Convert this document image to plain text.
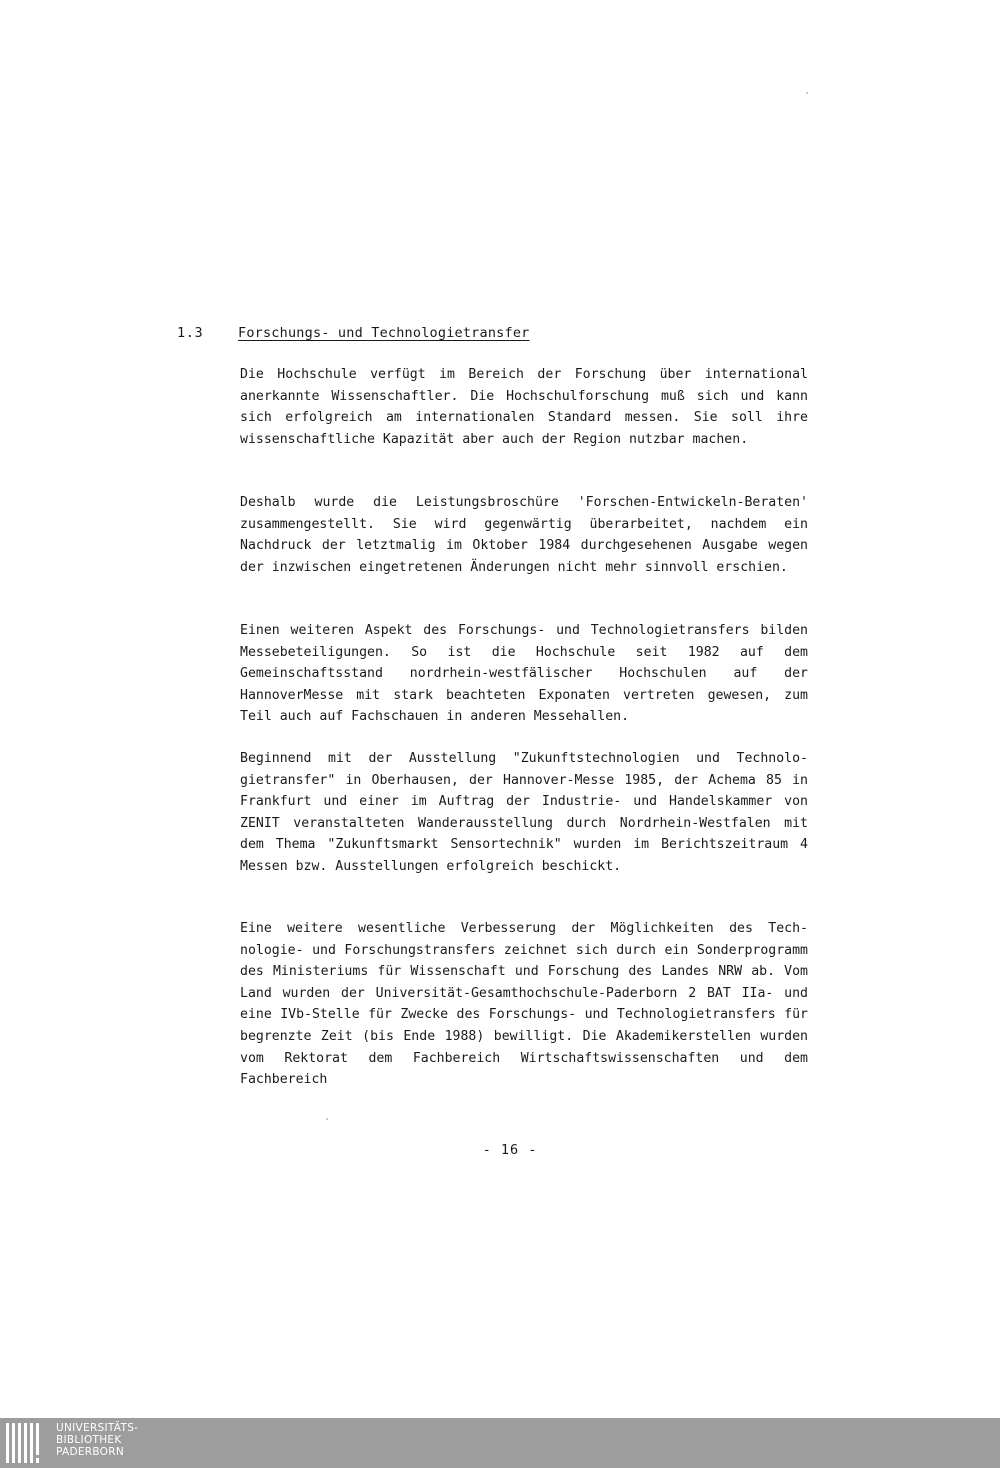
1.3	Forschungs- und Technologietransfer

Die Hochschule verfügt im Bereich der Forschung über international anerkannte Wissenschaftler. Die Hochschulforschung muß sich und kann sich erfolgreich am internationalen Standard messen. Sie soll ihre wissenschaftliche Kapazität aber auch der Region nutzbar machen.

Deshalb wurde die Leistungsbroschüre 'Forschen-Entwickeln-Beraten' zusammengestellt. Sie wird gegenwärtig überarbeitet, nachdem ein Nachdruck der letztmalig im Oktober 1984 durchgesehenen Ausgabe wegen der inzwischen eingetretenen Änderungen nicht mehr sinnvoll erschien.

Einen weiteren Aspekt des Forschungs- und Technologietransfers bilden Messebeteiligungen. So ist die Hochschule seit 1982 auf dem Gemeinschaftsstand nordrhein-westfälischer Hochschulen auf der HannoverMesse mit stark beachteten Exponaten vertreten gewesen, zum Teil auch auf Fachschauen in anderen Messehallen.

Beginnend mit der Ausstellung "Zukunftstechnologien und Technologietransfer" in Oberhausen, der Hannover-Messe 1985, der Achema 85 in Frankfurt und einer im Auftrag der Industrie- und Handelskammer von ZENIT veranstalteten Wanderausstellung durch Nordrhein-Westfalen mit dem Thema "Zukunftsmarkt Sensortechnik" wurden im Berichtszeitraum 4 Messen bzw. Ausstellungen erfolgreich beschickt.

Eine weitere wesentliche Verbesserung der Möglichkeiten des Technologie- und Forschungstransfers zeichnet sich durch ein Sonderprogramm des Ministeriums für Wissenschaft und Forschung des Landes NRW ab. Vom Land wurden der Universität-Gesamthochschule-Paderborn 2 BAT IIa- und eine IVb-Stelle für Zwecke des Forschungs- und Technologietransfers für begrenzte Zeit (bis Ende 1988) bewilligt. Die Akademikerstellen wurden vom Rektorat dem Fachbereich Wirtschaftswissenschaften und dem Fachbereich

- 16 -
UNIVERSITÄTS-
BIBLIOTHEK
PADERBORN
